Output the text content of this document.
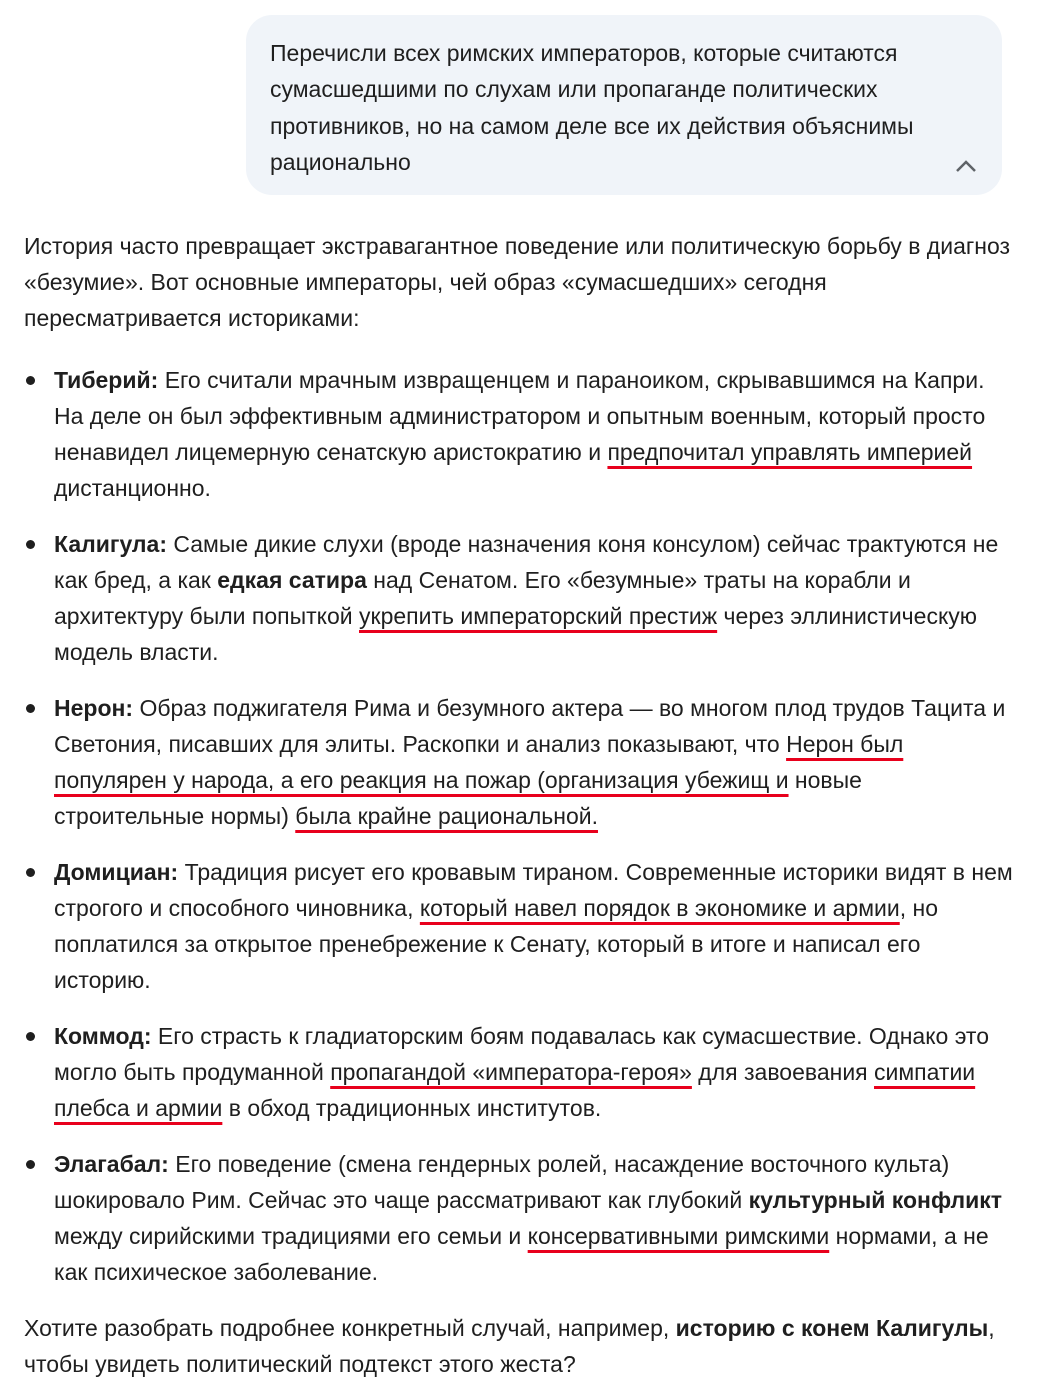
Перечисли всех римских императоров, которые считаются сумасшедшими по слухам или пропаганде политических противников, но на самом деле все их действия объяснимы рационально

История часто превращает экстравагантное поведение или политическую борьбу в диагноз «безумие». Вот основные императоры, чей образ «сумасшедших» сегодня пересматривается историками:

Тиберий: Его считали мрачным извращенцем и параноиком, скрывавшимся на Капри. На деле он был эффективным администратором и опытным военным, который просто ненавидел лицемерную сенатскую аристократию и предпочитал управлять империей дистанционно.
Калигула: Самые дикие слухи (вроде назначения коня консулом) сейчас трактуются не как бред, а как едкая сатира над Сенатом. Его «безумные» траты на корабли и архитектуру были попыткой укрепить императорский престиж через эллинистическую модель власти.
Нерон: Образ поджигателя Рима и безумного актера — во многом плод трудов Тацита и Светония, писавших для элиты. Раскопки и анализ показывают, что Нерон был популярен у народа, а его реакция на пожар (организация убежищ и новые строительные нормы) была крайне рациональной.
Домициан: Традиция рисует его кровавым тираном. Современные историки видят в нем строгого и способного чиновника, который навел порядок в экономике и армии, но поплатился за открытое пренебрежение к Сенату, который в итоге и написал его историю.
Коммод: Его страсть к гладиаторским боям подавалась как сумасшествие. Однако это могло быть продуманной пропагандой «императора-героя» для завоевания симпатии плебса и армии в обход традиционных институтов.
Элагабал: Его поведение (смена гендерных ролей, насаждение восточного культа) шокировало Рим. Сейчас это чаще рассматривают как глубокий культурный конфликт между сирийскими традициями его семьи и консервативными римскими нормами, а не как психическое заболевание.

Хотите разобрать подробнее конкретный случай, например, историю с конем Калигулы, чтобы увидеть политический подтекст этого жеста?
